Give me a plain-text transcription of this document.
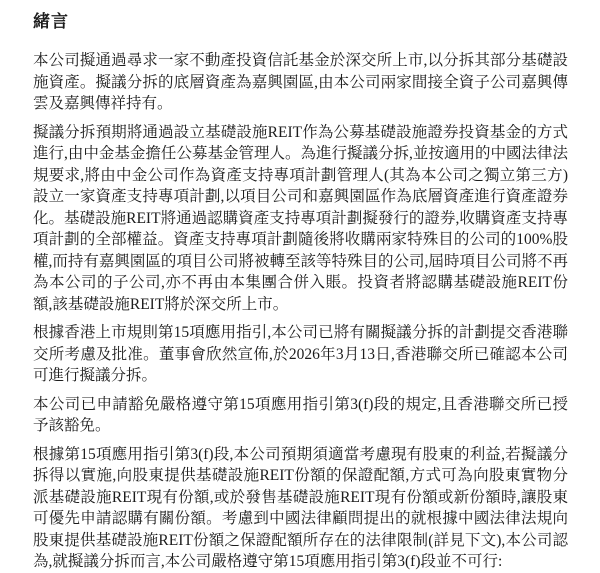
緒言

本公司擬通過尋求一家不動產投資信託基金於深交所上市,以分拆其部分基礎設施資產。擬議分拆的底層資產為嘉興園區,由本公司兩家間接全資子公司嘉興傳雲及嘉興傳祥持有。

擬議分拆預期將通過設立基礎設施REIT作為公募基礎設施證券投資基金的方式進行,由中金基金擔任公募基金管理人。為進行擬議分拆,並按適用的中國法律法規要求,將由中金公司作為資產支持專項計劃管理人(其為本公司之獨立第三方)設立一家資產支持專項計劃,以項目公司和嘉興園區作為底層資產進行資產證券化。基礎設施REIT將通過認購資產支持專項計劃擬發行的證券,收購資產支持專項計劃的全部權益。資產支持專項計劃隨後將收購兩家特殊目的公司的100%股權,而持有嘉興園區的項目公司將被轉至該等特殊目的公司,屆時項目公司將不再為本公司的子公司,亦不再由本集團合併入賬。投資者將認購基礎設施REIT份額,該基礎設施REIT將於深交所上市。

根據香港上市規則第15項應用指引,本公司已將有關擬議分拆的計劃提交香港聯交所考慮及批准。董事會欣然宣佈,於2026年3月13日,香港聯交所已確認本公司可進行擬議分拆。

本公司已申請豁免嚴格遵守第15項應用指引第3(f)段的規定,且香港聯交所已授予該豁免。

根據第15項應用指引第3(f)段,本公司預期須適當考慮現有股東的利益,若擬議分拆得以實施,向股東提供基礎設施REIT份額的保證配額,方式可為向股東實物分派基礎設施REIT現有份額,或於發售基礎設施REIT現有份額或新份額時,讓股東可優先申請認購有關份額。考慮到中國法律顧問提出的就根據中國法律法規向股東提供基礎設施REIT份額之保證配額所存在的法律限制(詳見下文),本公司認為,就擬議分拆而言,本公司嚴格遵守第15項應用指引第3(f)段並不可行:
